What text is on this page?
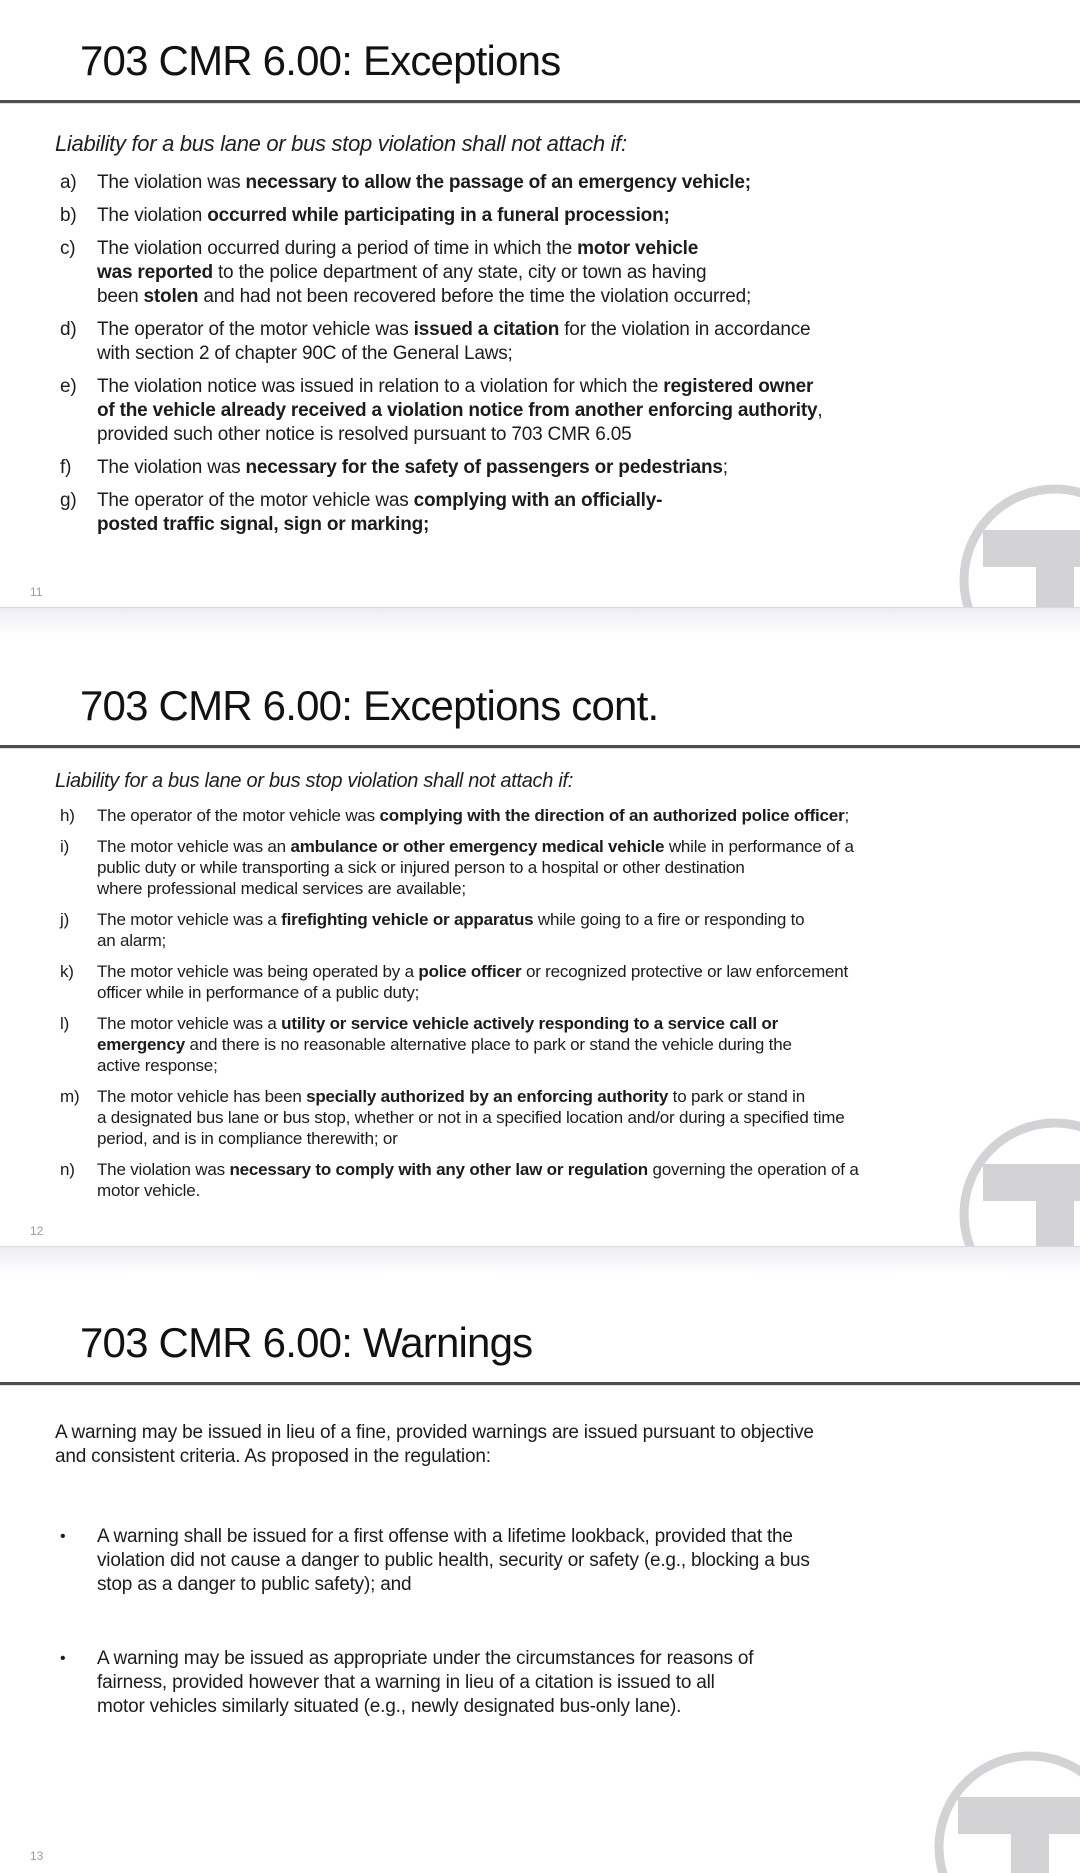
703 CMR 6.00: Exceptions

Liability for a bus lane or bus stop violation shall not attach if:

a)	The violation was necessary to allow the passage of an emergency vehicle;

b)	The violation occurred while participating in a funeral procession;

c)	The violation occurred during a period of time in which the motor vehicle
was reported to the police department of any state, city or town as having
been stolen and had not been recovered before the time the violation occurred;

d)	The operator of the motor vehicle was issued a citation for the violation in accordance
with section 2 of chapter 90C of the General Laws;

e)	The violation notice was issued in relation to a violation for which the registered owner
of the vehicle already received a violation notice from another enforcing authority,
provided such other notice is resolved pursuant to 703 CMR 6.05

f)	The violation was necessary for the safety of passengers or pedestrians;

g)	The operator of the motor vehicle was complying with an officially-
posted traffic signal, sign or marking;

11
703 CMR 6.00: Exceptions cont.

Liability for a bus lane or bus stop violation shall not attach if:

h)	The operator of the motor vehicle was complying with the direction of an authorized police officer;

i)	The motor vehicle was an ambulance or other emergency medical vehicle while in performance of a
public duty or while transporting a sick or injured person to a hospital or other destination
where professional medical services are available;

j)	The motor vehicle was a firefighting vehicle or apparatus while going to a fire or responding to
an alarm;

k)	The motor vehicle was being operated by a police officer or recognized protective or law enforcement
officer while in performance of a public duty;

l)	The motor vehicle was a utility or service vehicle actively responding to a service call or
emergency and there is no reasonable alternative place to park or stand the vehicle during the
active response;

m)	The motor vehicle has been specially authorized by an enforcing authority to park or stand in
a designated bus lane or bus stop, whether or not in a specified location and/or during a specified time
period, and is in compliance therewith; or

n)	The violation was necessary to comply with any other law or regulation governing the operation of a
motor vehicle.

12
703 CMR 6.00: Warnings

A warning may be issued in lieu of a fine, provided warnings are issued pursuant to objective
and consistent criteria. As proposed in the regulation:

•	A warning shall be issued for a first offense with a lifetime lookback, provided that the
violation did not cause a danger to public health, security or safety (e.g., blocking a bus
stop as a danger to public safety); and

•	A warning may be issued as appropriate under the circumstances for reasons of
fairness, provided however that a warning in lieu of a citation is issued to all
motor vehicles similarly situated (e.g., newly designated bus-only lane).

13
